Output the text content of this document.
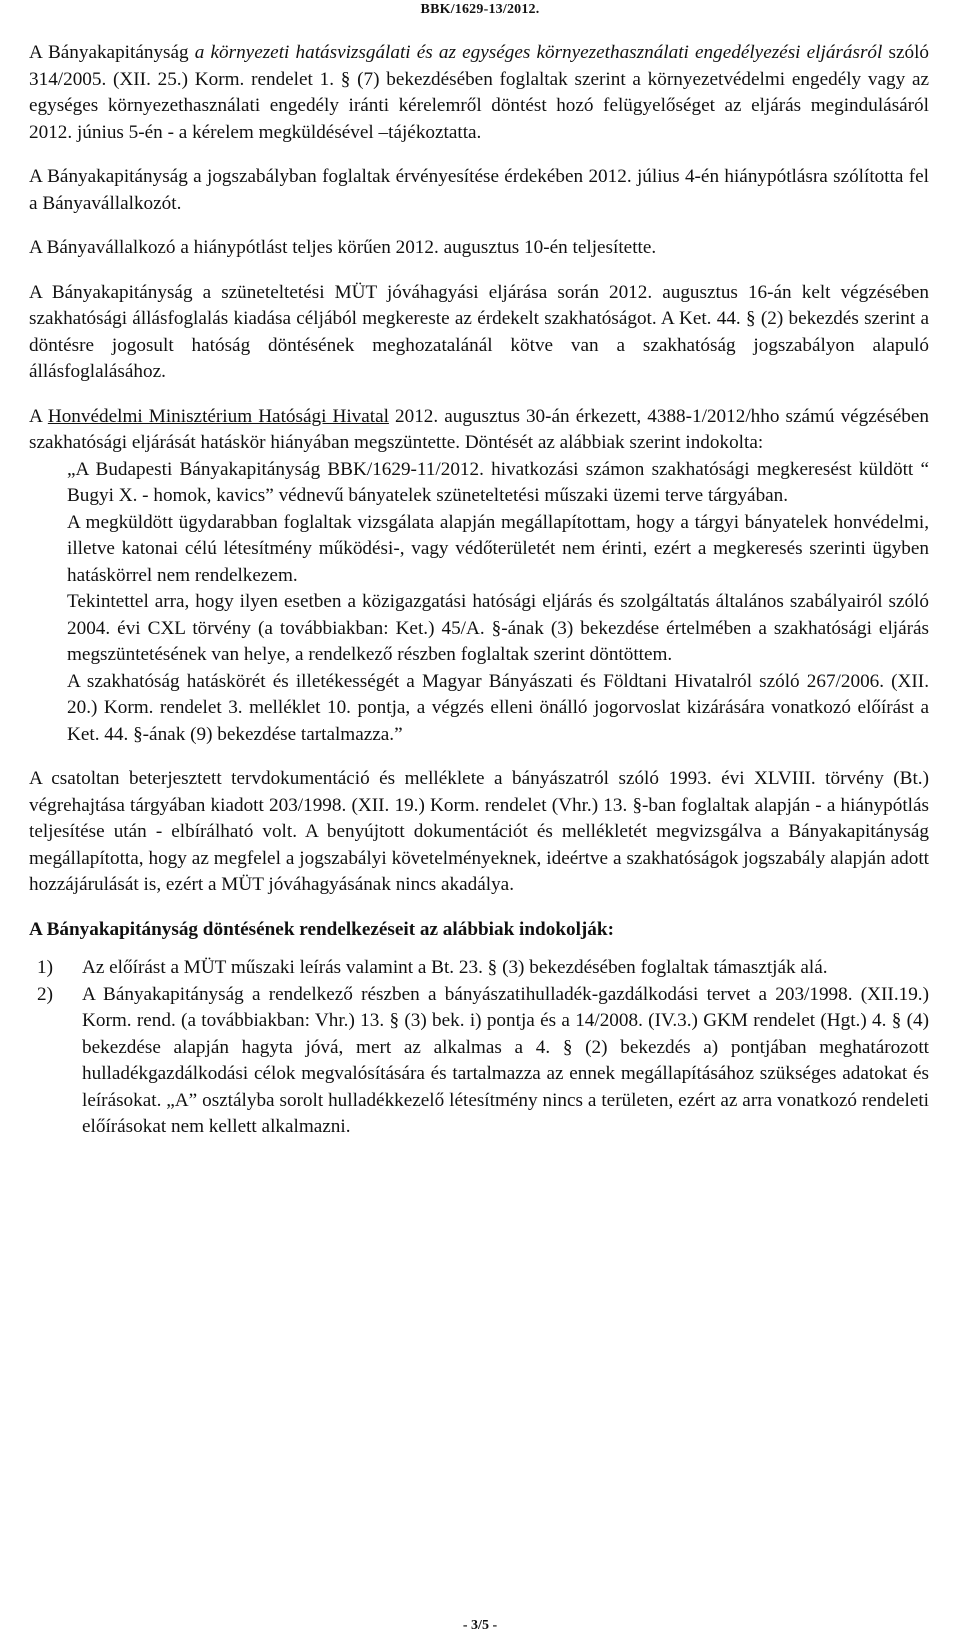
BBK/1629-13/2012.

A Bányakapitányság a környezeti hatásvizsgálati és az egységes környezethasználati engedélyezési eljárásról szóló 314/2005. (XII. 25.) Korm. rendelet 1. § (7) bekezdésében foglaltak szerint a környezetvédelmi engedély vagy az egységes környezethasználati engedély iránti kérelemről döntést hozó felügyelőséget az eljárás megindulásáról 2012. június 5-én - a kérelem megküldésével –tájékoztatta.

A Bányakapitányság a jogszabályban foglaltak érvényesítése érdekében 2012. július 4-én hiánypótlásra szólította fel a Bányavállalkozót.

A Bányavállalkozó a hiánypótlást teljes körűen 2012. augusztus 10-én teljesítette.

A Bányakapitányság a szüneteltetési MÜT jóváhagyási eljárása során 2012. augusztus 16-án kelt végzésében szakhatósági állásfoglalás kiadása céljából megkereste az érdekelt szakhatóságot. A Ket. 44. § (2) bekezdés szerint a döntésre jogosult hatóság döntésének meghozatalánál kötve van a szakhatóság jogszabályon alapuló állásfoglalásához.

A Honvédelmi Minisztérium Hatósági Hivatal 2012. augusztus 30-án érkezett, 4388-1/2012/hho számú végzésében szakhatósági eljárását hatáskör hiányában megszüntette. Döntését az alábbiak szerint indokolta:

„A Budapesti Bányakapitányság BBK/1629-11/2012. hivatkozási számon szakhatósági megkeresést küldött “ Bugyi X. - homok, kavics” védnevű bányatelek szüneteltetési műszaki üzemi terve tárgyában.

A megküldött ügydarabban foglaltak vizsgálata alapján megállapítottam, hogy a tárgyi bányatelek honvédelmi, illetve katonai célú létesítmény működési-, vagy védőterületét nem érinti, ezért a megkeresés szerinti ügyben hatáskörrel nem rendelkezem.

Tekintettel arra, hogy ilyen esetben a közigazgatási hatósági eljárás és szolgáltatás általános szabályairól szóló 2004. évi CXL törvény (a továbbiakban: Ket.) 45/A. §-ának (3) bekezdése értelmében a szakhatósági eljárás megszüntetésének van helye, a rendelkező részben foglaltak szerint döntöttem.

A szakhatóság hatáskörét és illetékességét a Magyar Bányászati és Földtani Hivatalról szóló 267/2006. (XII. 20.) Korm. rendelet 3. melléklet 10. pontja, a végzés elleni önálló jogorvoslat kizárására vonatkozó előírást a Ket. 44. §-ának (9) bekezdése tartalmazza.”

A csatoltan beterjesztett tervdokumentáció és melléklete a bányászatról szóló 1993. évi XLVIII. törvény (Bt.) végrehajtása tárgyában kiadott 203/1998. (XII. 19.) Korm. rendelet (Vhr.) 13. §-ban foglaltak alapján - a hiánypótlás teljesítése után - elbírálható volt. A benyújtott dokumentációt és mellékletét megvizsgálva a Bányakapitányság megállapította, hogy az megfelel a jogszabályi követelményeknek, ideértve a szakhatóságok jogszabály alapján adott hozzájárulását is, ezért a MÜT jóváhagyásának nincs akadálya.

A Bányakapitányság döntésének rendelkezéseit az alábbiak indokolják:

1) Az előírást a MÜT műszaki leírás valamint a Bt. 23. § (3) bekezdésében foglaltak támasztják alá.
2) A Bányakapitányság a rendelkező részben a bányászatihulladék-gazdálkodási tervet a 203/1998. (XII.19.) Korm. rend. (a továbbiakban: Vhr.) 13. § (3) bek. i) pontja és a 14/2008. (IV.3.) GKM rendelet (Hgt.) 4. § (4) bekezdése alapján hagyta jóvá, mert az alkalmas a 4. § (2) bekezdés a) pontjában meghatározott hulladékgazdálkodási célok megvalósítására és tartalmazza az ennek megállapításához szükséges adatokat és leírásokat. „A” osztályba sorolt hulladékkezelő létesítmény nincs a területen, ezért az arra vonatkozó rendeleti előírásokat nem kellett alkalmazni.
- 3/5 -
